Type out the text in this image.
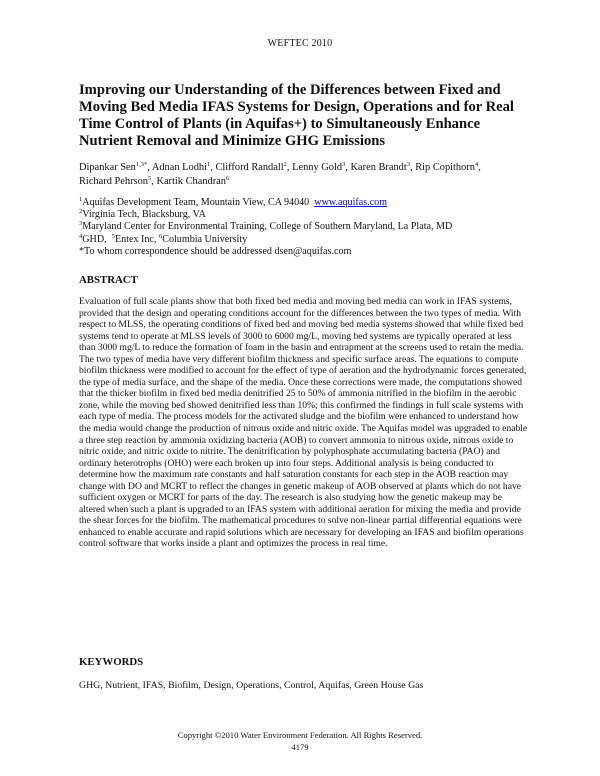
WEFTEC 2010
Improving our Understanding of the Differences between Fixed and Moving Bed Media IFAS Systems for Design, Operations and for Real Time Control of Plants (in Aquifas+) to Simultaneously Enhance Nutrient Removal and Minimize GHG Emissions
Dipankar Sen$^{1,3*}$, Adnan Lodhi$^1$, Clifford Randall$^2$, Lenny Gold$^3$, Karen Brandt$^3$, Rip Copithorn$^4$,
Richard Pehrson$^5$, Kartik Chandran$^6$
$^1$Aquifas Development Team, Mountain View, CA 94040 www.aquifas.com
$^2$Virginia Tech, Blacksburg, VA
$^3$Maryland Center for Environmental Training, College of Southern Maryland, La Plata, MD
$^4$GHD,  $^5$Entex Inc, $^6$Columbia University
*To whom correspondence should be addressed dsen@aquifas.com
ABSTRACT

Evaluation of full scale plants show that both fixed bed media and moving bed media can work in IFAS systems, provided that the design and operating conditions account for the differences between the two types of media. With respect to MLSS, the operating conditions of fixed bed and moving bed media systems showed that while fixed bed systems tend to operate at MLSS levels of 3000 to 6000 mg/L, moving bed systems are typically operated at less than 3000 mg/L to reduce the formation of foam in the basin and entrapment at the screens used to retain the media. The two types of media have very different biofilm thickness and specific surface areas. The equations to compute biofilm thickness were modified to account for the effect of type of aeration and the hydrodynamic forces generated, the type of media surface, and the shape of the media. Once these corrections were made, the computations showed that the thicker biofilm in fixed bed media denitrified 25 to 50% of ammonia nitrified in the biofilm in the aerobic zone, while the moving bed showed denitrified less than 10%; this confirmed the findings in full scale systems with each type of media. The process models for the activated sludge and the biofilm were enhanced to understand how the media would change the production of nitrous oxide and nitric oxide. The Aquifas model was upgraded to enable a three step reaction by ammonia oxidizing bacteria (AOB) to convert ammonia to nitrous oxide, nitrous oxide to nitric oxide, and nitric oxide to nitrite. The denitrification by polyphosphate accumulating bacteria (PAO) and ordinary heterotrophs (OHO) were each broken up into four steps. Additional analysis is being conducted to determine how the maximum rate constants and half saturation constants for each step in the AOB reaction may change with DO and MCRT to reflect the changes in genetic makeup of AOB observed at plants which do not have sufficient oxygen or MCRT for parts of the day. The research is also studying how the genetic makeup may be altered when such a plant is upgraded to an IFAS system with additional aeration for mixing the media and provide the shear forces for the biofilm. The mathematical procedures to solve non-linear partial differential equations were enhanced to enable accurate and rapid solutions which are necessary for developing an IFAS and biofilm operations control software that works inside a plant and optimizes the process in real time.

KEYWORDS

GHG, Nutrient, IFAS, Biofilm, Design, Operations, Control, Aquifas, Green House Gas

Copyright ©2010 Water Environment Federation. All Rights Reserved.
4179
